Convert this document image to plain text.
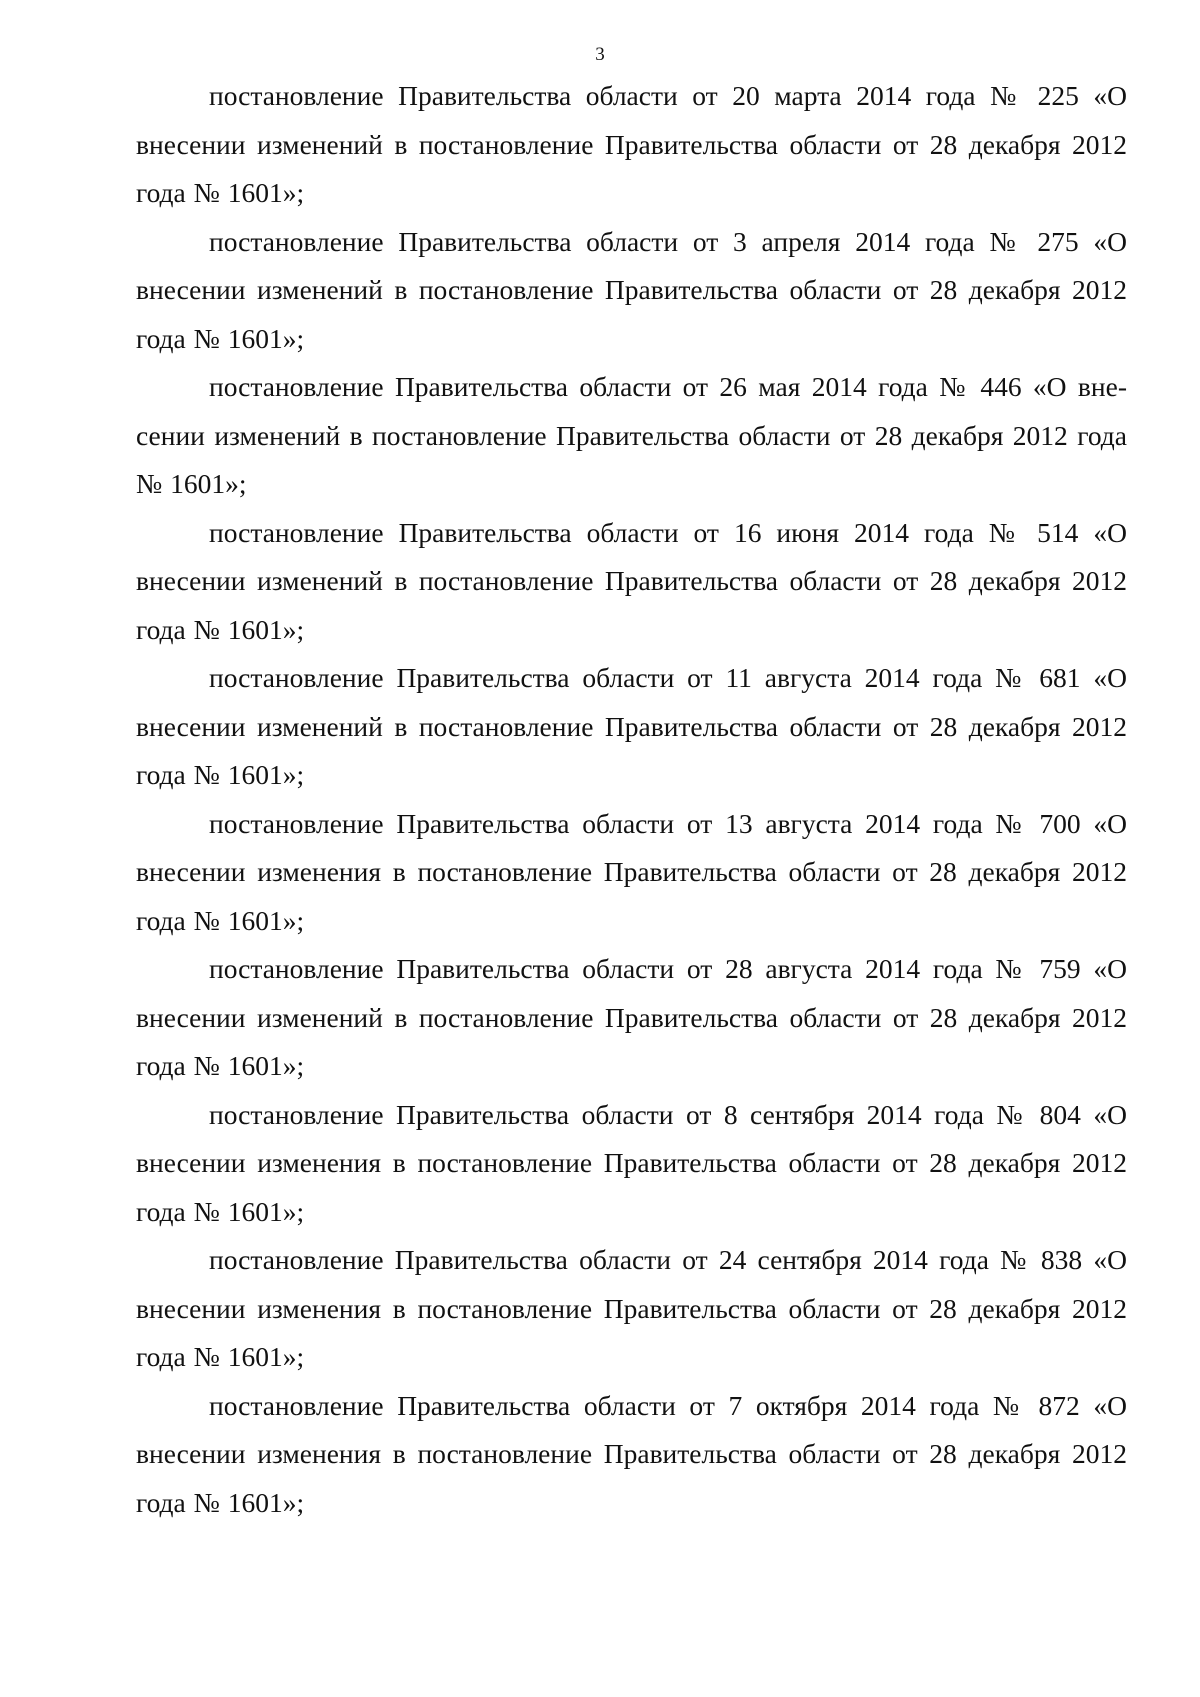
3

постановление Правительства области от 20 марта 2014 года № 225 «О внесении изменений в постановление Правительства области от 28 декабря 2012 года № 1601»;

постановление Правительства области от 3 апреля 2014 года № 275 «О внесении изменений в постановление Правительства области от 28 декабря 2012 года № 1601»;

постановление Правительства области от 26 мая 2014 года № 446 «О внесении изменений в постановление Правительства области от 28 декабря 2012 года № 1601»;

постановление Правительства области от 16 июня 2014 года № 514 «О внесении изменений в постановление Правительства области от 28 декабря 2012 года № 1601»;

постановление Правительства области от 11 августа 2014 года № 681 «О внесении изменений в постановление Правительства области от 28 декабря 2012 года № 1601»;

постановление Правительства области от 13 августа 2014 года № 700 «О внесении изменения в постановление Правительства области от 28 декабря 2012 года № 1601»;

постановление Правительства области от 28 августа 2014 года № 759 «О внесении изменений в постановление Правительства области от 28 декабря 2012 года № 1601»;

постановление Правительства области от 8 сентября 2014 года № 804 «О внесении изменения в постановление Правительства области от 28 декабря 2012 года № 1601»;

постановление Правительства области от 24 сентября 2014 года № 838 «О внесении изменения в постановление Правительства области от 28 декабря 2012 года № 1601»;

постановление Правительства области от 7 октября 2014 года № 872 «О внесении изменения в постановление Правительства области от 28 декабря 2012 года № 1601»;
